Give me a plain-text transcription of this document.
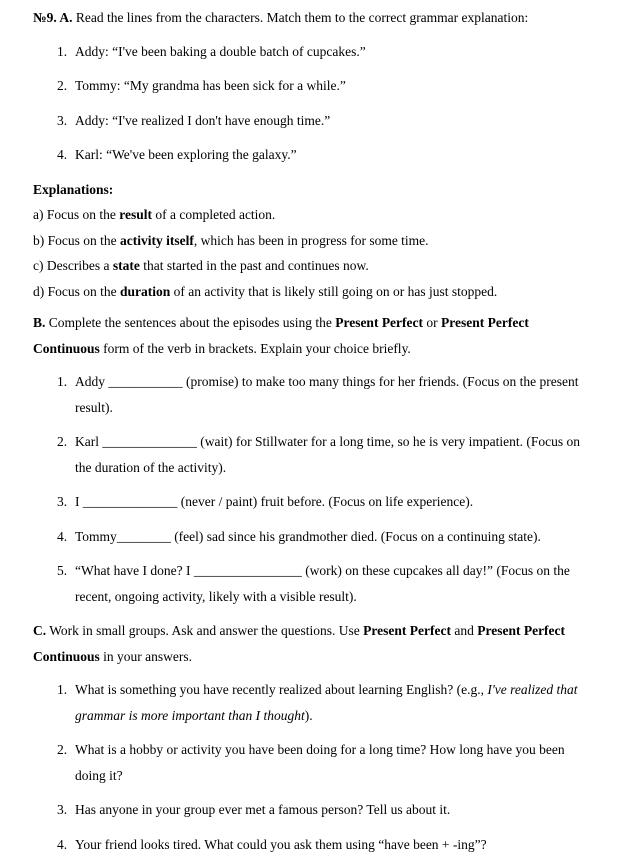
№9. A. Read the lines from the characters. Match them to the correct grammar explanation:

1. Addy: “I've been baking a double batch of cupcakes.”
2. Tommy: “My grandma has been sick for a while.”
3. Addy: “I've realized I don't have enough time.”
4. Karl: “We've been exploring the galaxy.”

Explanations:

a) Focus on the result of a completed action.

b) Focus on the activity itself, which has been in progress for some time.

c) Describes a state that started in the past and continues now.

d) Focus on the duration of an activity that is likely still going on or has just stopped.

B. Complete the sentences about the episodes using the Present Perfect or Present Perfect Continuous form of the verb in brackets. Explain your choice briefly.

1. Addy ___________ (promise) to make too many things for her friends. (Focus on the present result).
2. Karl ______________ (wait) for Stillwater for a long time, so he is very impatient. (Focus on the duration of the activity).
3. I ______________ (never / paint) fruit before. (Focus on life experience).
4. Tommy________ (feel) sad since his grandmother died. (Focus on a continuing state).
5. “What have I done? I ________________ (work) on these cupcakes all day!” (Focus on the recent, ongoing activity, likely with a visible result).

C. Work in small groups. Ask and answer the questions. Use Present Perfect and Present Perfect Continuous in your answers.

1. What is something you have recently realized about learning English? (e.g., I've realized that grammar is more important than I thought).
2. What is a hobby or activity you have been doing for a long time? How long have you been doing it?
3. Has anyone in your group ever met a famous person? Tell us about it.
4. Your friend looks tired. What could you ask them using “have been + -ing”?
